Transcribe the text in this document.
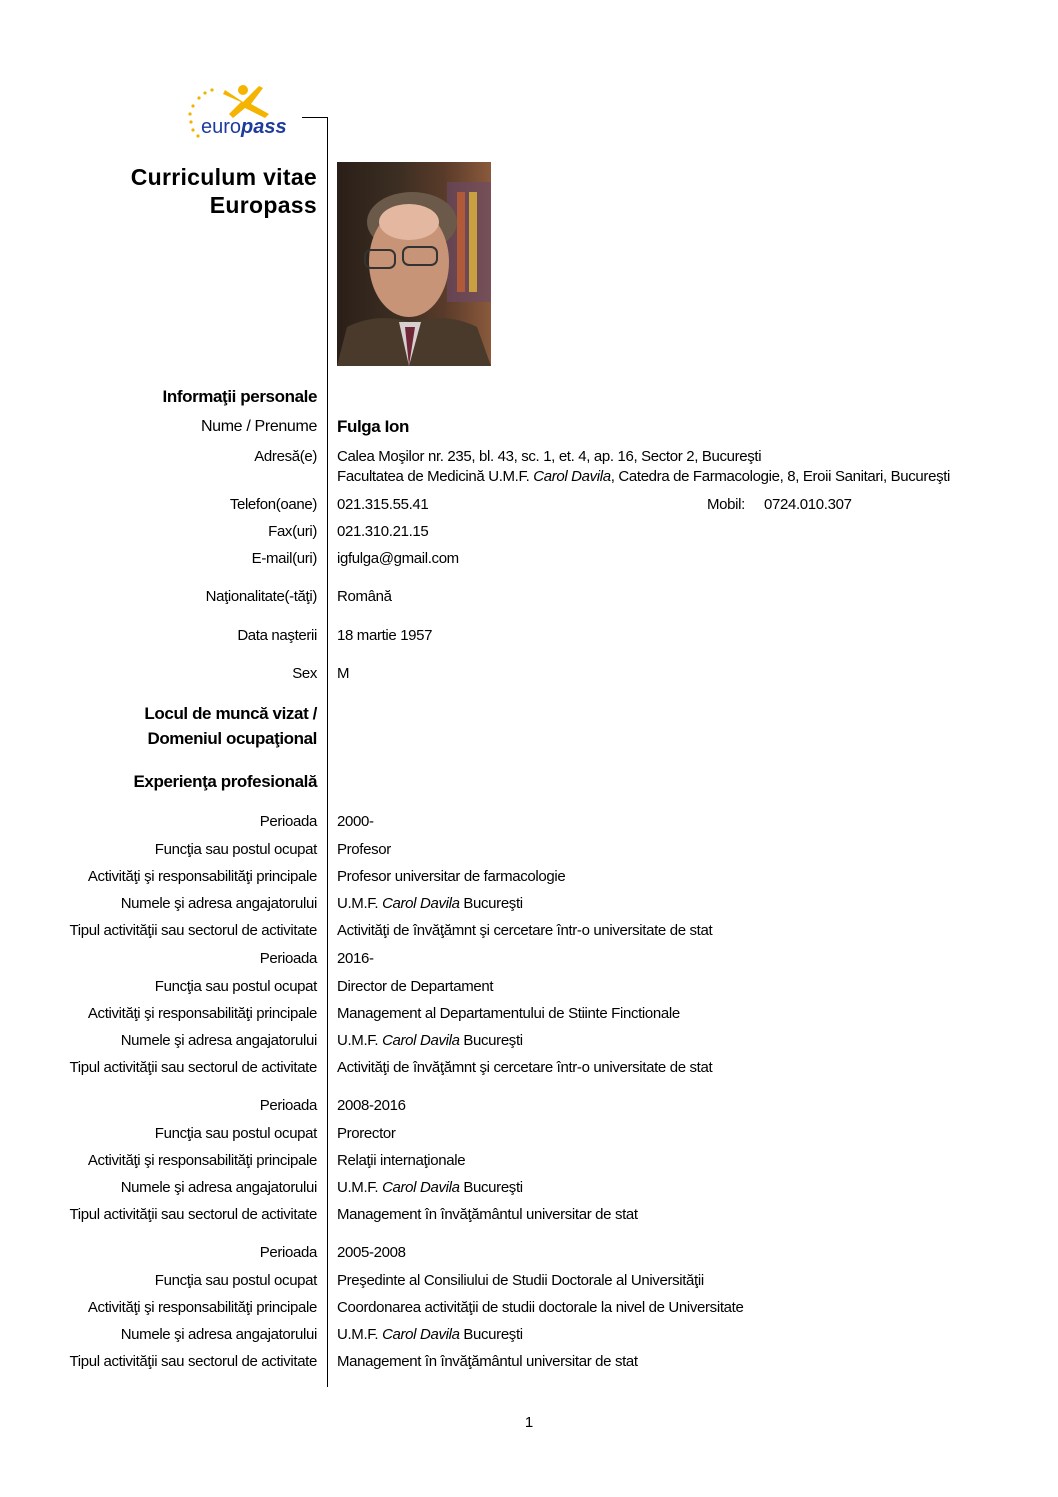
europass
Curriculum vitae
Europass
Informaţii personale
Nume / Prenume Fulga Ion
Adresă(e) Calea Moşilor nr. 235, bl. 43, sc. 1, et. 4, ap. 16, Sector 2, Bucureşti
Facultatea de Medicină U.M.F. Carol Davila, Catedra de Farmacologie, 8, Eroii Sanitari, Bucureşti
Telefon(oane) 021.315.55.41	Mobil: 0724.010.307
Fax(uri) 021.310.21.15
E-mail(uri) igfulga@gmail.com
Naţionalitate(-tăţi) Română
Data naşterii 18 martie 1957
Sex M
Locul de muncă vizat /
Domeniul ocupaţional
Experienţa profesională
Perioada 2000-
Funcţia sau postul ocupat Profesor
Activităţi şi responsabilităţi principale Profesor universitar de farmacologie
Numele şi adresa angajatorului U.M.F. Carol Davila Bucureşti
Tipul activităţii sau sectorul de activitate Activităţi de învăţămnt şi cercetare într-o universitate de stat
Perioada 2016-
Funcţia sau postul ocupat Director de Departament
Activităţi şi responsabilităţi principale Management al Departamentului de Stiinte Finctionale
Numele şi adresa angajatorului U.M.F. Carol Davila Bucureşti
Tipul activităţii sau sectorul de activitate Activităţi de învăţămnt şi cercetare într-o universitate de stat
Perioada 2008-2016
Funcţia sau postul ocupat Prorector
Activităţi şi responsabilităţi principale Relaţii internaţionale
Numele şi adresa angajatorului U.M.F. Carol Davila Bucureşti
Tipul activităţii sau sectorul de activitate Management în învăţământul universitar de stat
Perioada 2005-2008
Funcţia sau postul ocupat Preşedinte al Consiliului de Studii Doctorale al Universităţii
Activităţi şi responsabilităţi principale Coordonarea activităţii de studii doctorale la nivel de Universitate
Numele şi adresa angajatorului U.M.F. Carol Davila Bucureşti
Tipul activităţii sau sectorul de activitate Management în învăţământul universitar de stat
1
